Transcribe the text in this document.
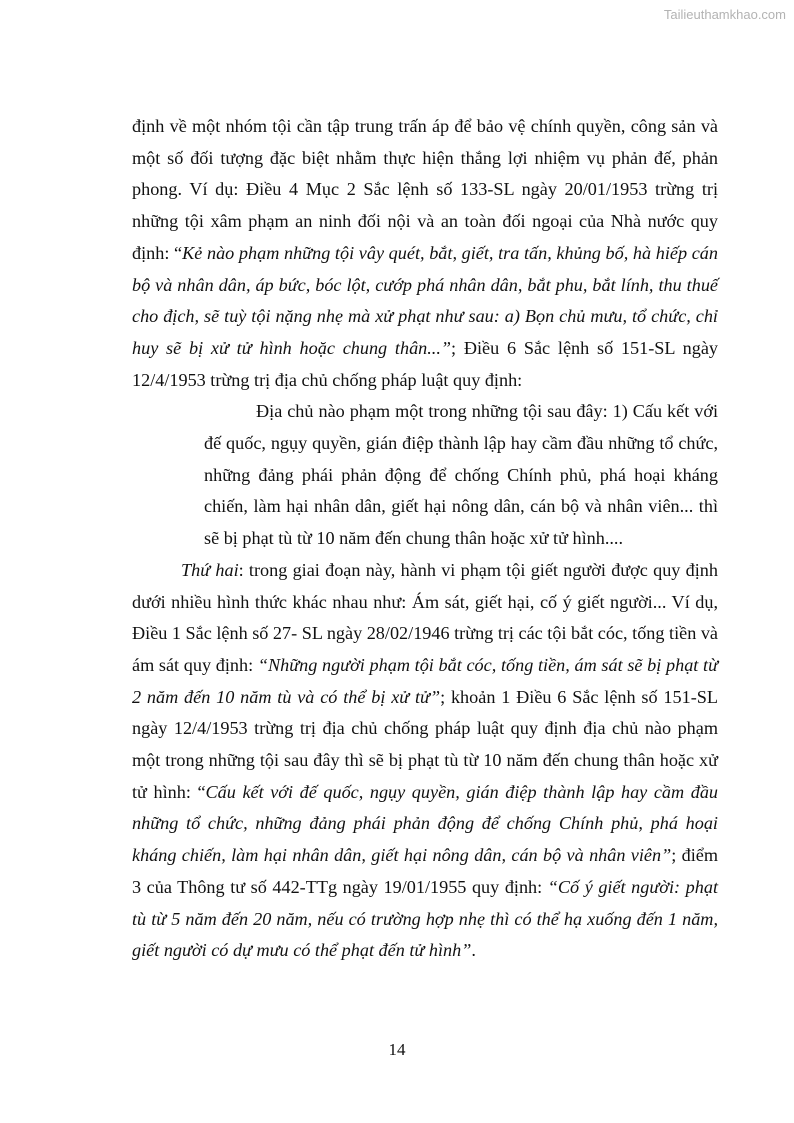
Tailieuthamkhao.com

định về một nhóm tội cần tập trung trấn áp để bảo vệ chính quyền, công sản và một số đối tượng đặc biệt nhằm thực hiện thắng lợi nhiệm vụ phản đế, phản phong. Ví dụ: Điều 4 Mục 2 Sắc lệnh số 133-SL ngày 20/01/1953 trừng trị những tội xâm phạm an ninh đối nội và an toàn đối ngoại của Nhà nước quy định: “Kẻ nào phạm những tội vây quét, bắt, giết, tra tấn, khủng bố, hà hiếp cán bộ và nhân dân, áp bức, bóc lột, cướp phá nhân dân, bắt phu, bắt lính, thu thuế cho địch, sẽ tuỳ tội nặng nhẹ mà xử phạt như sau: a) Bọn chủ mưu, tổ chức, chỉ huy sẽ bị xử tử hình hoặc chung thân...”; Điều 6 Sắc lệnh số 151-SL ngày 12/4/1953 trừng trị địa chủ chống pháp luật quy định:

Địa chủ nào phạm một trong những tội sau đây: 1) Cấu kết với đế quốc, ngụy quyền, gián điệp thành lập hay cầm đầu những tổ chức, những đảng phái phản động để chống Chính phủ, phá hoại kháng chiến, làm hại nhân dân, giết hại nông dân, cán bộ và nhân viên... thì sẽ bị phạt tù từ 10 năm đến chung thân hoặc xử tử hình....

Thứ hai: trong giai đoạn này, hành vi phạm tội giết người được quy định dưới nhiều hình thức khác nhau như: Ám sát, giết hại, cố ý giết người... Ví dụ, Điều 1 Sắc lệnh số 27- SL ngày 28/02/1946 trừng trị các tội bắt cóc, tống tiền và ám sát quy định: “Những người phạm tội bắt cóc, tống tiền, ám sát sẽ bị phạt từ 2 năm đến 10 năm tù và có thể bị xử tử”; khoản 1 Điều 6 Sắc lệnh số 151-SL ngày 12/4/1953 trừng trị địa chủ chống pháp luật quy định địa chủ nào phạm một trong những tội sau đây thì sẽ bị phạt tù từ 10 năm đến chung thân hoặc xử tử hình: “Cấu kết với đế quốc, ngụy quyền, gián điệp thành lập hay cầm đầu những tổ chức, những đảng phái phản động để chống Chính phủ, phá hoại kháng chiến, làm hại nhân dân, giết hại nông dân, cán bộ và nhân viên”; điểm 3 của Thông tư số 442-TTg ngày 19/01/1955 quy định: “Cố ý giết người: phạt tù từ 5 năm đến 20 năm, nếu có trường hợp nhẹ thì có thể hạ xuống đến 1 năm, giết người có dự mưu có thể phạt đến tử hình”.

14
